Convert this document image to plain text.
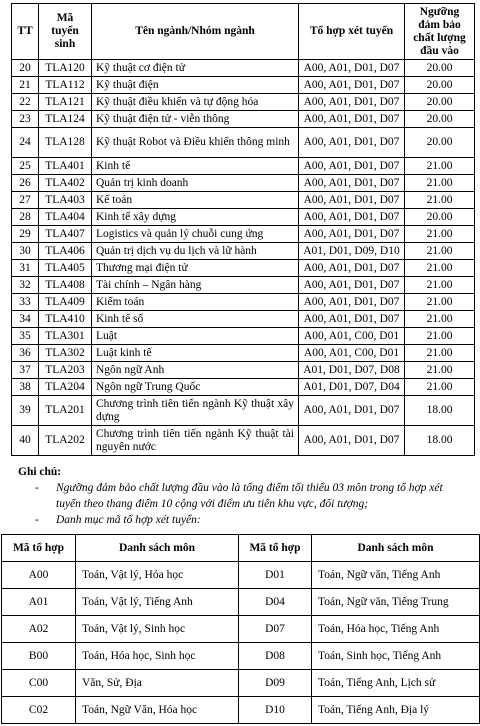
TT	Mã tuyển sinh	Tên ngành/Nhóm ngành	Tổ hợp xét tuyển	Ngưỡng đảm bảo chất lượng đầu vào
20	TLA120	Kỹ thuật cơ điện tử	A00, A01, D01, D07	20.00
21	TLA112	Kỹ thuật điện	A00, A01, D01, D07	20.00
22	TLA121	Kỹ thuật điều khiển và tự động hóa	A00, A01, D01, D07	20.00
23	TLA124	Kỹ thuật điện tử - viễn thông	A00, A01, D01, D07	20.00
24	TLA128	Kỹ thuật Robot và Điều khiển thông minh	A00, A01, D01, D07	20.00
25	TLA401	Kinh tế	A00, A01, D01, D07	21.00
26	TLA402	Quản trị kinh doanh	A00, A01, D01, D07	21.00
27	TLA403	Kế toán	A00, A01, D01, D07	21.00
28	TLA404	Kinh tế xây dựng	A00, A01, D01, D07	20.00
29	TLA407	Logistics và quản lý chuỗi cung ứng	A00, A01, D01, D07	21.00
30	TLA406	Quản trị dịch vụ du lịch và lữ hành	A01, D01, D09, D10	21.00
31	TLA405	Thương mại điện tử	A00, A01, D01, D07	21.00
32	TLA408	Tài chính – Ngân hàng	A00, A01, D01, D07	21.00
33	TLA409	Kiểm toán	A00, A01, D01, D07	21.00
34	TLA410	Kinh tế số	A00, A01, D01, D07	21.00
35	TLA301	Luật	A00, A01, C00, D01	21.00
36	TLA302	Luật kinh tế	A00, A01, C00, D01	21.00
37	TLA203	Ngôn ngữ Anh	A01, D01, D07, D08	21.00
38	TLA204	Ngôn ngữ Trung Quốc	A01, D01, D07, D04	21.00
39	TLA201	Chương trình tiên tiến ngành Kỹ thuật xây dựng	A00, A01, D01, D07	18.00
40	TLA202	Chương trình tiên tiến ngành Kỹ thuật tài nguyên nước	A00, A01, D01, D07	18.00
Ghi chú:
- Ngưỡng đảm bảo chất lượng đầu vào là tổng điểm tối thiểu 03 môn trong tổ hợp xét tuyển theo thang điểm 10 cộng với điểm ưu tiên khu vực, đối tượng;
- Danh mục mã tổ hợp xét tuyển:
Mã tổ hợp	Danh sách môn	Mã tổ hợp	Danh sách môn
A00	Toán, Vật lý, Hóa học	D01	Toán, Ngữ văn, Tiếng Anh
A01	Toán, Vật lý, Tiếng Anh	D04	Toán, Ngữ văn, Tiếng Trung
A02	Toán, Vật lý, Sinh học	D07	Toán, Hóa học, Tiếng Anh
B00	Toán, Hóa học, Sinh học	D08	Toán, Sinh học, Tiếng Anh
C00	Văn, Sử, Địa	D09	Toán, Tiếng Anh, Lịch sử
C02	Toán, Ngữ Văn, Hóa học	D10	Toán, Tiếng Anh, Địa lý
